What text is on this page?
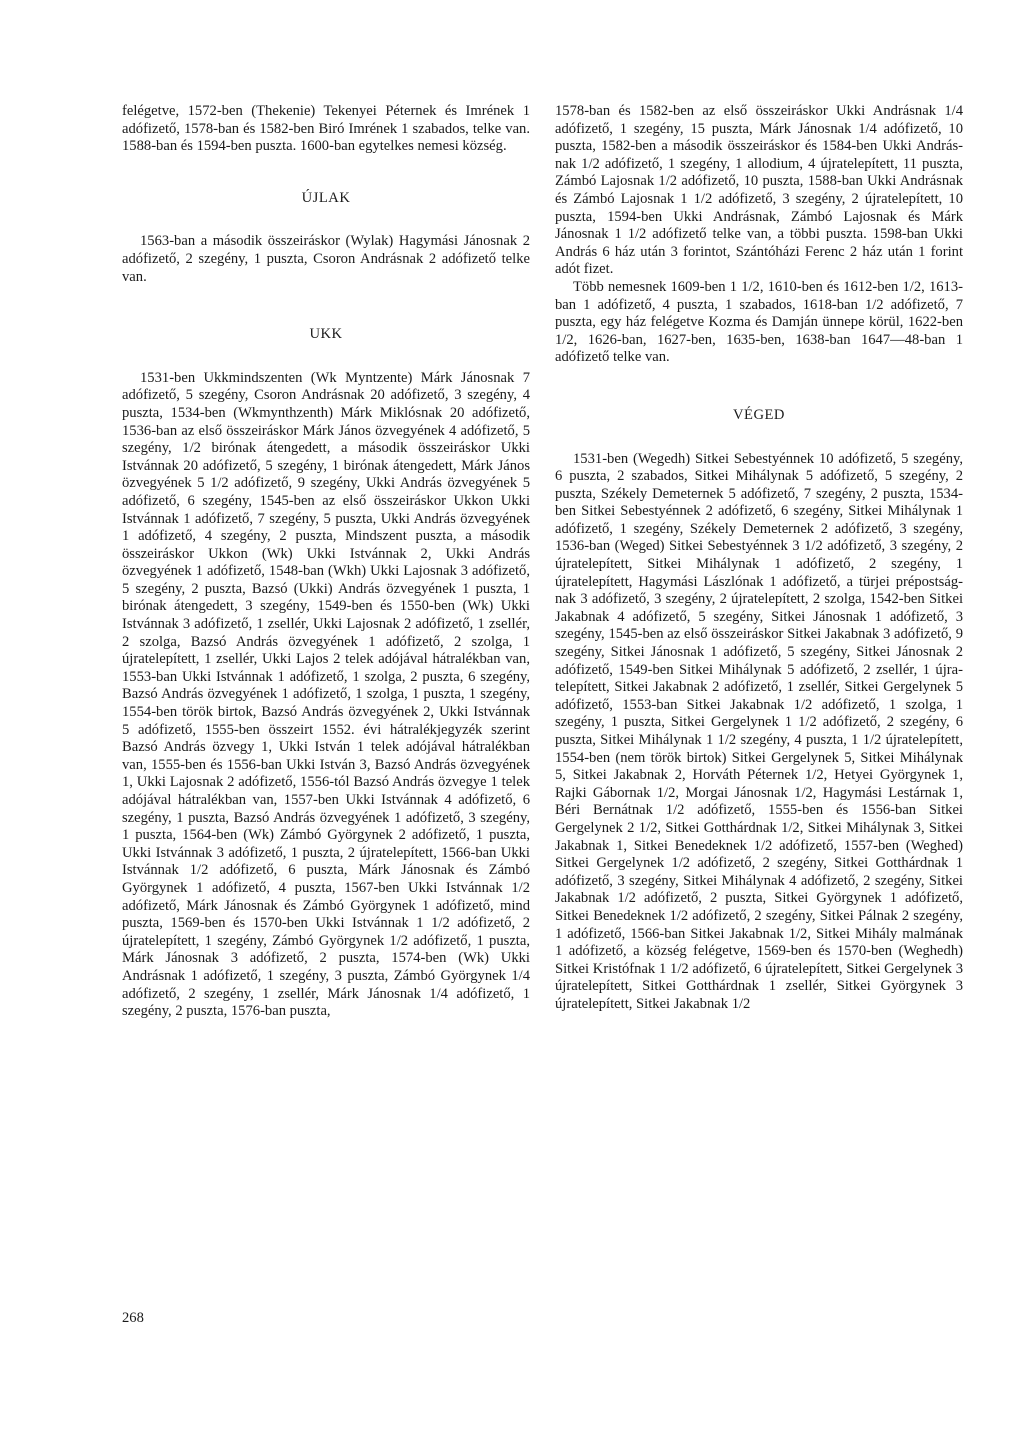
felégetve, 1572-ben (Thekenie) Tekenyei Péternek és Imrének 1 adófizető, 1578-ban és 1582-ben Biró Imrének 1 szabados, telke van. 1588-ban és 1594-ben puszta. 1600-ban egytelkes nemesi község.

ÚJLAK

1563-ban a második összeiráskor (Wylak) Hagymási Jánosnak 2 adófizető, 2 szegény, 1 puszta, Csoron Andrásnak 2 adófizető telke van.

UKK

1531-ben Ukkmindszenten (Wk Myntzente) Márk Jánosnak 7 adófizető, 5 szegény, Csoron Andrásnak 20 adófizető, 3 szegény, 4 puszta, 1534-ben (Wkmynthzenth) Márk Miklósnak 20 adófizető, 1536-ban az első összeiráskor Márk János özvegyének 4 adófizető, 5 szegény, 1/2 birónak átengedett, a második összeiráskor Ukki Istvánnak 20 adófizető, 5 szegény, 1 birónak átengedett, Márk János özvegyének 5 1/2 adófizető, 9 szegény, Ukki András özvegyének 5 adófizető, 6 szegény, 1545-ben az első összeiráskor Ukkon Ukki Istvánnak 1 adófizető, 7 szegény, 5 puszta, Ukki András özvegyének 1 adófizető, 4 szegény, 2 puszta, Mindszent puszta, a második összeiráskor Ukkon (Wk) Ukki Istvánnak 2, Ukki András özvegyének 1 adófizető, 1548-ban (Wkh) Ukki Lajosnak 3 adófizető, 5 szegény, 2 puszta, Bazsó (Ukki) András özvegyének 1 puszta, 1 birónak átengedett, 3 szegény, 1549-ben és 1550-ben (Wk) Ukki Istvánnak 3 adófizető, 1 zsellér, Ukki Lajosnak 2 adófizető, 1 zsellér, 2 szolga, Bazsó András özvegyének 1 adófizető, 2 szolga, 1 újratelepített, 1 zsellér, Ukki Lajos 2 telek adójával hátralékban van, 1553-ban Ukki Istvánnak 1 adófizető, 1 szolga, 2 puszta, 6 szegény, Bazsó András özvegyének 1 adófizető, 1 szolga, 1 puszta, 1 szegény, 1554-ben török birtok, Bazsó András özvegyének 2, Ukki Istvánnak 5 adófizető, 1555-ben összeirt 1552. évi hátralékjegyzék szerint Bazsó András özvegy 1, Ukki István 1 telek adójával hátralékban van, 1555-ben és 1556-ban Ukki István 3, Bazsó András özvegyének 1, Ukki Lajosnak 2 adófizető, 1556-tól Bazsó András özvegye 1 telek adójával hátralékban van, 1557-ben Ukki Istvánnak 4 adófizető, 6 szegény, 1 puszta, Bazsó András özvegyének 1 adófizető, 3 szegény, 1 puszta, 1564-ben (Wk) Zámbó Györgynek 2 adófizető, 1 puszta, Ukki Istvánnak 3 adófizető, 1 puszta, 2 újratelepített, 1566-ban Ukki Istvánnak 1/2 adófizető, 6 puszta, Márk Jánosnak és Zámbó Györgynek 1 adófizető, 4 puszta, 1567-ben Ukki Istvánnak 1/2 adófizető, Márk Jánosnak és Zámbó Györgynek 1 adófizető, mind puszta, 1569-ben és 1570-ben Ukki Istvánnak 1 1/2 adófizető, 2 újratelepített, 1 szegény, Zámbó Györgynek 1/2 adófizető, 1 puszta, Márk Jánosnak 3 adófizető, 2 puszta, 1574-ben (Wk) Ukki Andrásnak 1 adófizető, 1 szegény, 3 puszta, Zámbó Györgynek 1/4 adófizető, 2 szegény, 1 zsellér, Márk Jánosnak 1/4 adófizető, 1 szegény, 2 puszta, 1576-ban puszta,

1578-ban és 1582-ben az első összeiráskor Ukki Andrásnak 1/4 adófizető, 1 szegény, 15 puszta, Márk Jánosnak 1/4 adófizető, 10 puszta, 1582-ben a második összeiráskor és 1584-ben Ukki Andrásnak 1/2 adófizető, 1 szegény, 1 allodium, 4 újratelepített, 11 puszta, Zámbó Lajosnak 1/2 adófizető, 10 puszta, 1588-ban Ukki Andrásnak és Zámbó Lajosnak 1 1/2 adófizető, 3 szegény, 2 újratelepített, 10 puszta, 1594-ben Ukki Andrásnak, Zámbó Lajosnak és Márk Jánosnak 1 1/2 adófizető telke van, a többi puszta. 1598-ban Ukki András 6 ház után 3 forintot, Szántóházi Ferenc 2 ház után 1 forint adót fizet.

Több nemesnek 1609-ben 1 1/2, 1610-ben és 1612-ben 1/2, 1613-ban 1 adófizető, 4 puszta, 1 szabados, 1618-ban 1/2 adófizető, 7 puszta, egy ház felégetve Kozma és Damján ünnepe körül, 1622-ben 1/2, 1626-ban, 1627-ben, 1635-ben, 1638-ban 1647—48-ban 1 adófizető telke van.

VÉGED

1531-ben (Wegedh) Sitkei Sebestyénnek 10 adófizető, 5 szegény, 6 puszta, 2 szabados, Sitkei Mihálynak 5 adófizető, 5 szegény, 2 puszta, Székely Demeternek 5 adófizető, 7 szegény, 2 puszta, 1534-ben Sitkei Sebestyénnek 2 adófizető, 6 szegény, Sitkei Mihálynak 1 adófizető, 1 szegény, Székely Demeternek 2 adófizető, 3 szegény, 1536-ban (Weged) Sitkei Sebestyénnek 3 1/2 adófizető, 3 szegény, 2 újratelepített, Sitkei Mihálynak 1 adófizető, 2 szegény, 1 újratelepített, Hagymási Lászlónak 1 adófizető, a türjei prépostságnak 3 adófizető, 3 szegény, 2 újratelepített, 2 szolga, 1542-ben Sitkei Jakabnak 4 adófizető, 5 szegény, Sitkei Jánosnak 1 adófizető, 3 szegény, 1545-ben az első összeiráskor Sitkei Jakabnak 3 adófizető, 9 szegény, Sitkei Jánosnak 1 adófizető, 5 szegény, Sitkei Jánosnak 2 adófizető, 1549-ben Sitkei Mihálynak 5 adófizető, 2 zsellér, 1 újratelepített, Sitkei Jakabnak 2 adófizető, 1 zsellér, Sitkei Gergelynek 5 adófizető, 1553-ban Sitkei Jakabnak 1/2 adófizető, 1 szolga, 1 szegény, 1 puszta, Sitkei Gergelynek 1 1/2 adófizető, 2 szegény, 6 puszta, Sitkei Mihálynak 1 1/2 szegény, 4 puszta, 1 1/2 újratelepített, 1554-ben (nem török birtok) Sitkei Gergelynek 5, Sitkei Mihálynak 5, Sitkei Jakabnak 2, Horváth Péternek 1/2, Hetyei Györgynek 1, Rajki Gábornak 1/2, Morgai Jánosnak 1/2, Hagymási Lestárnak 1, Béri Bernátnak 1/2 adófizető, 1555-ben és 1556-ban Sitkei Gergelynek 2 1/2, Sitkei Gotthárdnak 1/2, Sitkei Mihálynak 3, Sitkei Jakabnak 1, Sitkei Benedeknek 1/2 adófizető, 1557-ben (Weghed) Sitkei Gergelynek 1/2 adófizető, 2 szegény, Sitkei Gotthárdnak 1 adófizető, 3 szegény, Sitkei Mihálynak 4 adófizető, 2 szegény, Sitkei Jakabnak 1/2 adófizető, 2 puszta, Sitkei Györgynek 1 adófizető, Sitkei Benedeknek 1/2 adófizető, 2 szegény, Sitkei Pálnak 2 szegény, 1 adófizető, 1566-ban Sitkei Jakabnak 1/2, Sitkei Mihály malmának 1 adófizető, a község felégetve, 1569-ben és 1570-ben (Weghedh) Sitkei Kristófnak 1 1/2 adófizető, 6 újratelepített, Sitkei Gergelynek 3 újratelepített, Sitkei Gotthárdnak 1 zsellér, Sitkei Györgynek 3 újratelepített, Sitkei Jakabnak 1/2

268
